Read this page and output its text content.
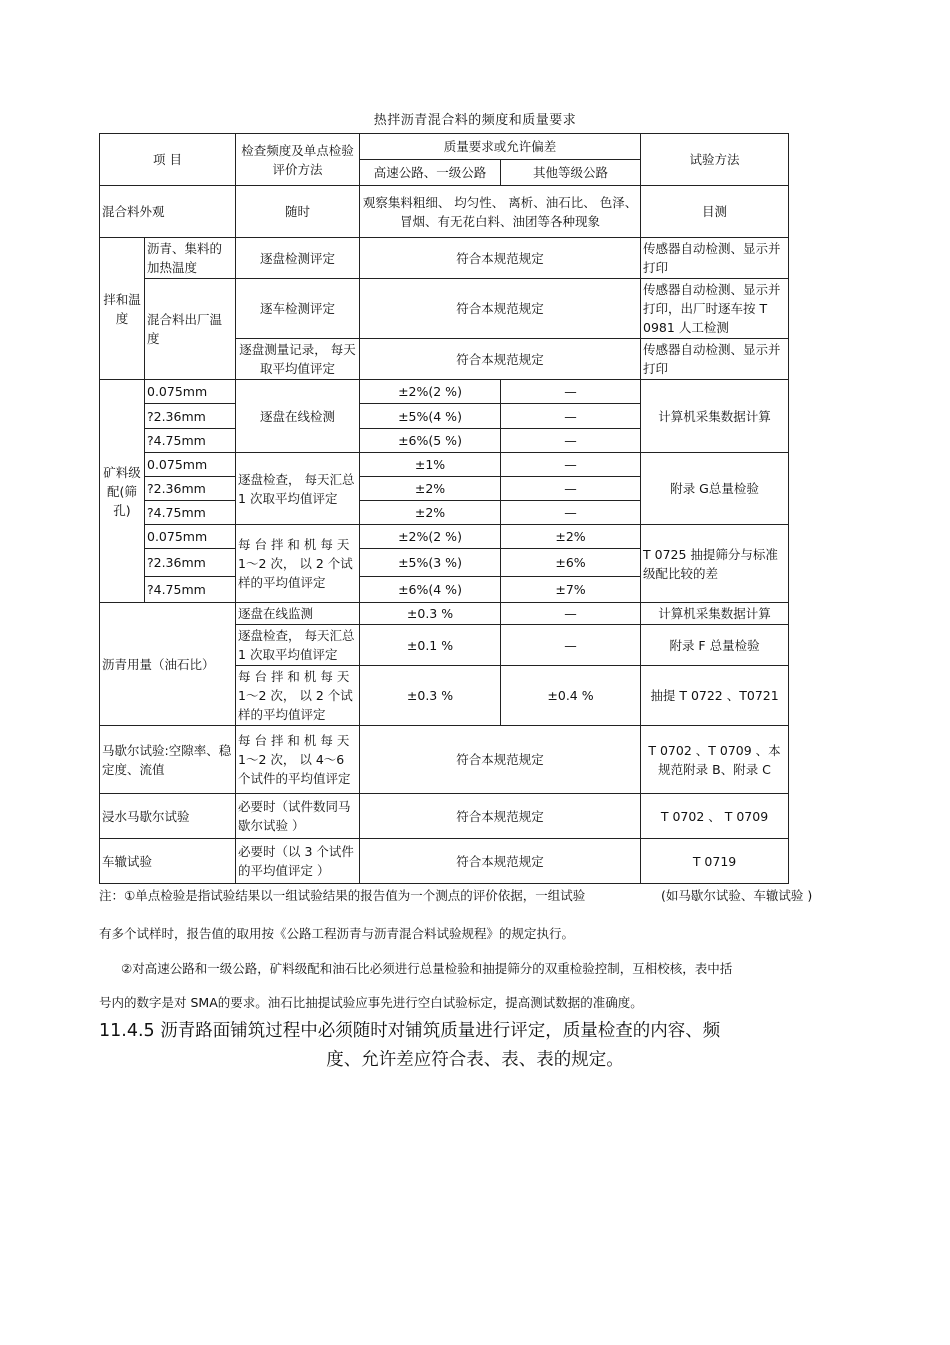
热拌沥青混合料的频度和质量要求
项 目		检查频度及单点检验评价方法	质量要求或允许偏差		试验方法
			高速公路、一级公路	其他等级公路	
混合料外观		随时	观察集料粗细、 均匀性、 离析、油石比、 色泽、冒烟、有无花白料、油团等各种现象		目测
拌和温度	沥青、集料的加热温度	逐盘检测评定	符合本规范规定		传感器自动检测、显示并打印
	混合料出厂温度	逐车检测评定	符合本规范规定		传感器自动检测、显示并打印，出厂时逐车按 T 0981 人工检测
		逐盘测量记录， 每天取平均值评定	符合本规范规定		传感器自动检测、显示并打印
矿料级配(筛孔)	0.075mm	逐盘在线检测	±2%(2 %)	—	计算机采集数据计算
	?2.36mm		±5%(4 %)	—	
	?4.75mm		±6%(5 %)	—	
	0.075mm	逐盘检查， 每天汇总 1 次取平均值评定	±1%	—	附录 G总量检验
	?2.36mm		±2%	—	
	?4.75mm		±2%	—	
	0.075mm	每 台 拌 和 机 每 天 1～2 次， 以 2 个试样的平均值评定	±2%(2 %)	±2%	T 0725 抽提筛分与标准级配比较的差
	?2.36mm		±5%(3 %)	±6%	
	?4.75mm		±6%(4 %)	±7%	
沥青用量（油石比）		逐盘在线监测	±0.3 %	—	计算机采集数据计算
		逐盘检查， 每天汇总 1 次取平均值评定	±0.1 %	—	附录 F 总量检验
		每 台 拌 和 机 每 天 1～2 次， 以 2 个试样的平均值评定	±0.3 %	±0.4 %	抽提 T 0722 、T0721
马歇尔试验:空隙率、稳定度、流值		每 台 拌 和 机 每 天 1～2 次， 以 4～6 个试件的平均值评定	符合本规范规定		T 0702 、T 0709 、本规范附录 B、附录 C
浸水马歇尔试验		必要时（试件数同马歇尔试验 ）	符合本规范规定		T 0702 、 T 0709
车辙试验		必要时（以 3 个试件的平均值评定 ）	符合本规范规定		T 0719
注：①单点检验是指试验结果以一组试验结果的报告值为一个测点的评价依据，一组试验	(如马歇尔试验、车辙试验 )
有多个试样时，报告值的取用按《公路工程沥青与沥青混合料试验规程》的规定执行。
②对高速公路和一级公路，矿料级配和油石比必须进行总量检验和抽提筛分的双重检验控制，互相校核，表中括
号内的数字是对 SMA的要求。油石比抽提试验应事先进行空白试验标定，提高测试数据的准确度。
11.4.5 沥青路面铺筑过程中必须随时对铺筑质量进行评定，质量检查的内容、频
度、允许差应符合表、表、表的规定。
